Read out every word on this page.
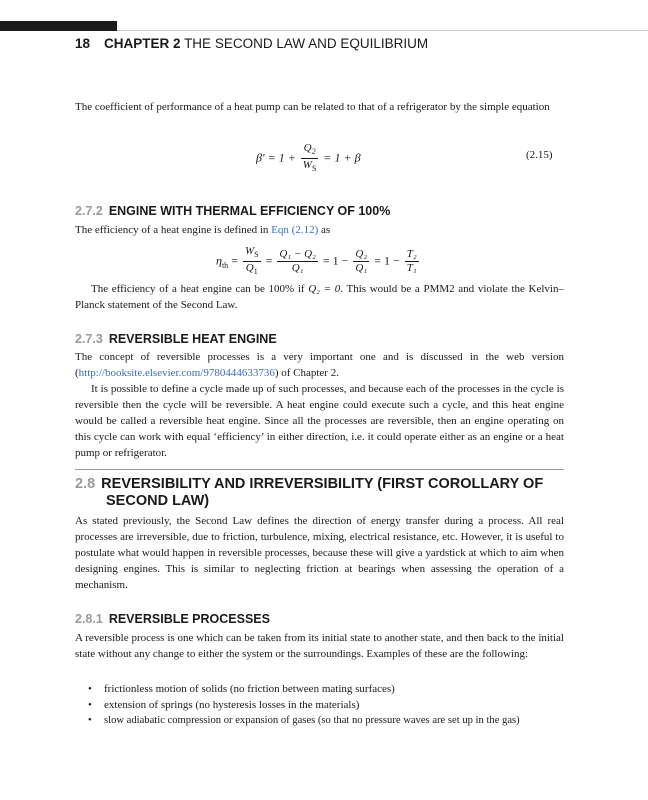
18 CHAPTER 2 THE SECOND LAW AND EQUILIBRIUM

The coefficient of performance of a heat pump can be related to that of a refrigerator by the simple equation

$\beta' = 1 + \frac{Q_2}{W_S} = 1 + \beta$	(2.15)
2.7.2 ENGINE WITH THERMAL EFFICIENCY OF 100%

The efficiency of a heat engine is defined in Eqn (2.12) as

$\eta_{th} = \frac{W_S}{Q_1} = \frac{\text{Q₁ − Q₂}}{\text{Q₁}} = 1 - \frac{\text{Q₂}}{\text{Q₁}} = 1 - \frac{\text{T₂}}{\text{T₁}}$

The efficiency of a heat engine can be 100% if Q₂ = 0. This would be a PMM2 and violate the Kelvin–Planck statement of the Second Law.

2.7.3 REVERSIBLE HEAT ENGINE

The concept of reversible processes is a very important one and is discussed in the web version (http://booksite.elsevier.com/9780444633736) of Chapter 2.

It is possible to define a cycle made up of such processes, and because each of the processes in the cycle is reversible then the cycle will be reversible. A heat engine could execute such a cycle, and this heat engine would be called a reversible heat engine. Since all the processes are reversible, then an engine operating on this cycle can work with equal ‘efficiency’ in either direction, i.e. it could operate either as an engine or a heat pump or refrigerator.

2.8 REVERSIBILITY AND IRREVERSIBILITY (FIRST COROLLARY OF
SECOND LAW)

As stated previously, the Second Law defines the direction of energy transfer during a process. All real processes are irreversible, due to friction, turbulence, mixing, electrical resistance, etc. However, it is useful to postulate what would happen in reversible processes, because these will give a yardstick at which to aim when designing engines. This is similar to neglecting friction at bearings when assessing the operation of a mechanism.

2.8.1 REVERSIBLE PROCESSES

A reversible process is one which can be taken from its initial state to another state, and then back to the initial state without any change to either the system or the surroundings. Examples of these are the following:

• frictionless motion of solids (no friction between mating surfaces)
• extension of springs (no hysteresis losses in the materials)
• slow adiabatic compression or expansion of gases (so that no pressure waves are set up in the gas)
